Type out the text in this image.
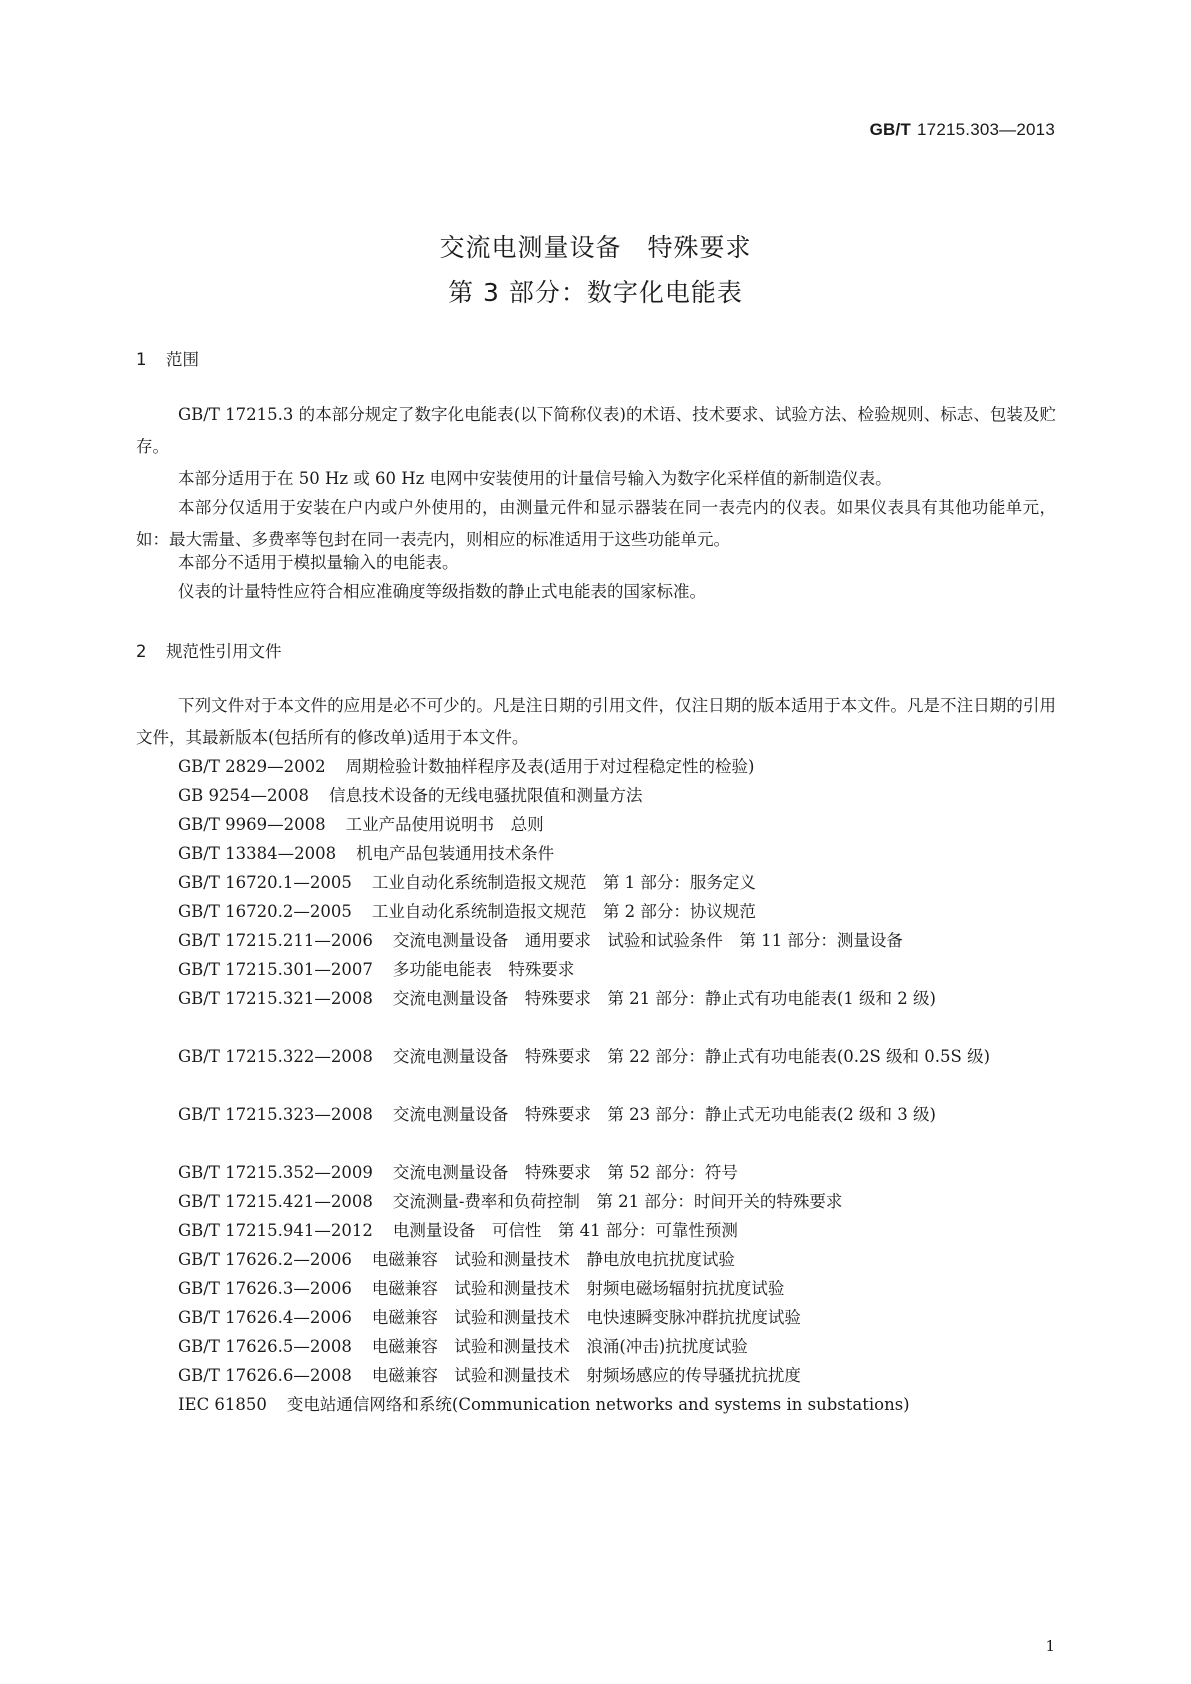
GB/T 17215.303—2013
交流电测量设备　特殊要求
第 3 部分：数字化电能表
1 范围
GB/T 17215.3 的本部分规定了数字化电能表(以下简称仪表)的术语、技术要求、试验方法、检验规则、标志、包装及贮存。
本部分适用于在 50 Hz 或 60 Hz 电网中安装使用的计量信号输入为数字化采样值的新制造仪表。
本部分仅适用于安装在户内或户外使用的，由测量元件和显示器装在同一表壳内的仪表。如果仪表具有其他功能单元，如：最大需量、多费率等包封在同一表壳内，则相应的标准适用于这些功能单元。
本部分不适用于模拟量输入的电能表。
仪表的计量特性应符合相应准确度等级指数的静止式电能表的国家标准。
2 规范性引用文件
下列文件对于本文件的应用是必不可少的。凡是注日期的引用文件，仅注日期的版本适用于本文件。凡是不注日期的引用文件，其最新版本(包括所有的修改单)适用于本文件。
GB/T 2829—2002 周期检验计数抽样程序及表(适用于对过程稳定性的检验)
GB 9254—2008 信息技术设备的无线电骚扰限值和测量方法
GB/T 9969—2008 工业产品使用说明书　总则
GB/T 13384—2008 机电产品包装通用技术条件
GB/T 16720.1—2005 工业自动化系统制造报文规范　第 1 部分：服务定义
GB/T 16720.2—2005 工业自动化系统制造报文规范　第 2 部分：协议规范
GB/T 17215.211—2006 交流电测量设备　通用要求　试验和试验条件　第 11 部分：测量设备
GB/T 17215.301—2007 多功能电能表　特殊要求
GB/T 17215.321—2008 交流电测量设备　特殊要求　第 21 部分：静止式有功电能表(1 级和 2 级)
GB/T 17215.322—2008 交流电测量设备　特殊要求　第 22 部分：静止式有功电能表(0.2S 级和 0.5S 级)
GB/T 17215.323—2008 交流电测量设备　特殊要求　第 23 部分：静止式无功电能表(2 级和 3 级)
GB/T 17215.352—2009 交流电测量设备　特殊要求　第 52 部分：符号
GB/T 17215.421—2008 交流测量-费率和负荷控制　第 21 部分：时间开关的特殊要求
GB/T 17215.941—2012 电测量设备　可信性　第 41 部分：可靠性预测
GB/T 17626.2—2006 电磁兼容　试验和测量技术　静电放电抗扰度试验
GB/T 17626.3—2006 电磁兼容　试验和测量技术　射频电磁场辐射抗扰度试验
GB/T 17626.4—2006 电磁兼容　试验和测量技术　电快速瞬变脉冲群抗扰度试验
GB/T 17626.5—2008 电磁兼容　试验和测量技术　浪涌(冲击)抗扰度试验
GB/T 17626.6—2008 电磁兼容　试验和测量技术　射频场感应的传导骚扰抗扰度
IEC 61850 变电站通信网络和系统(Communication networks and systems in substations)
1
